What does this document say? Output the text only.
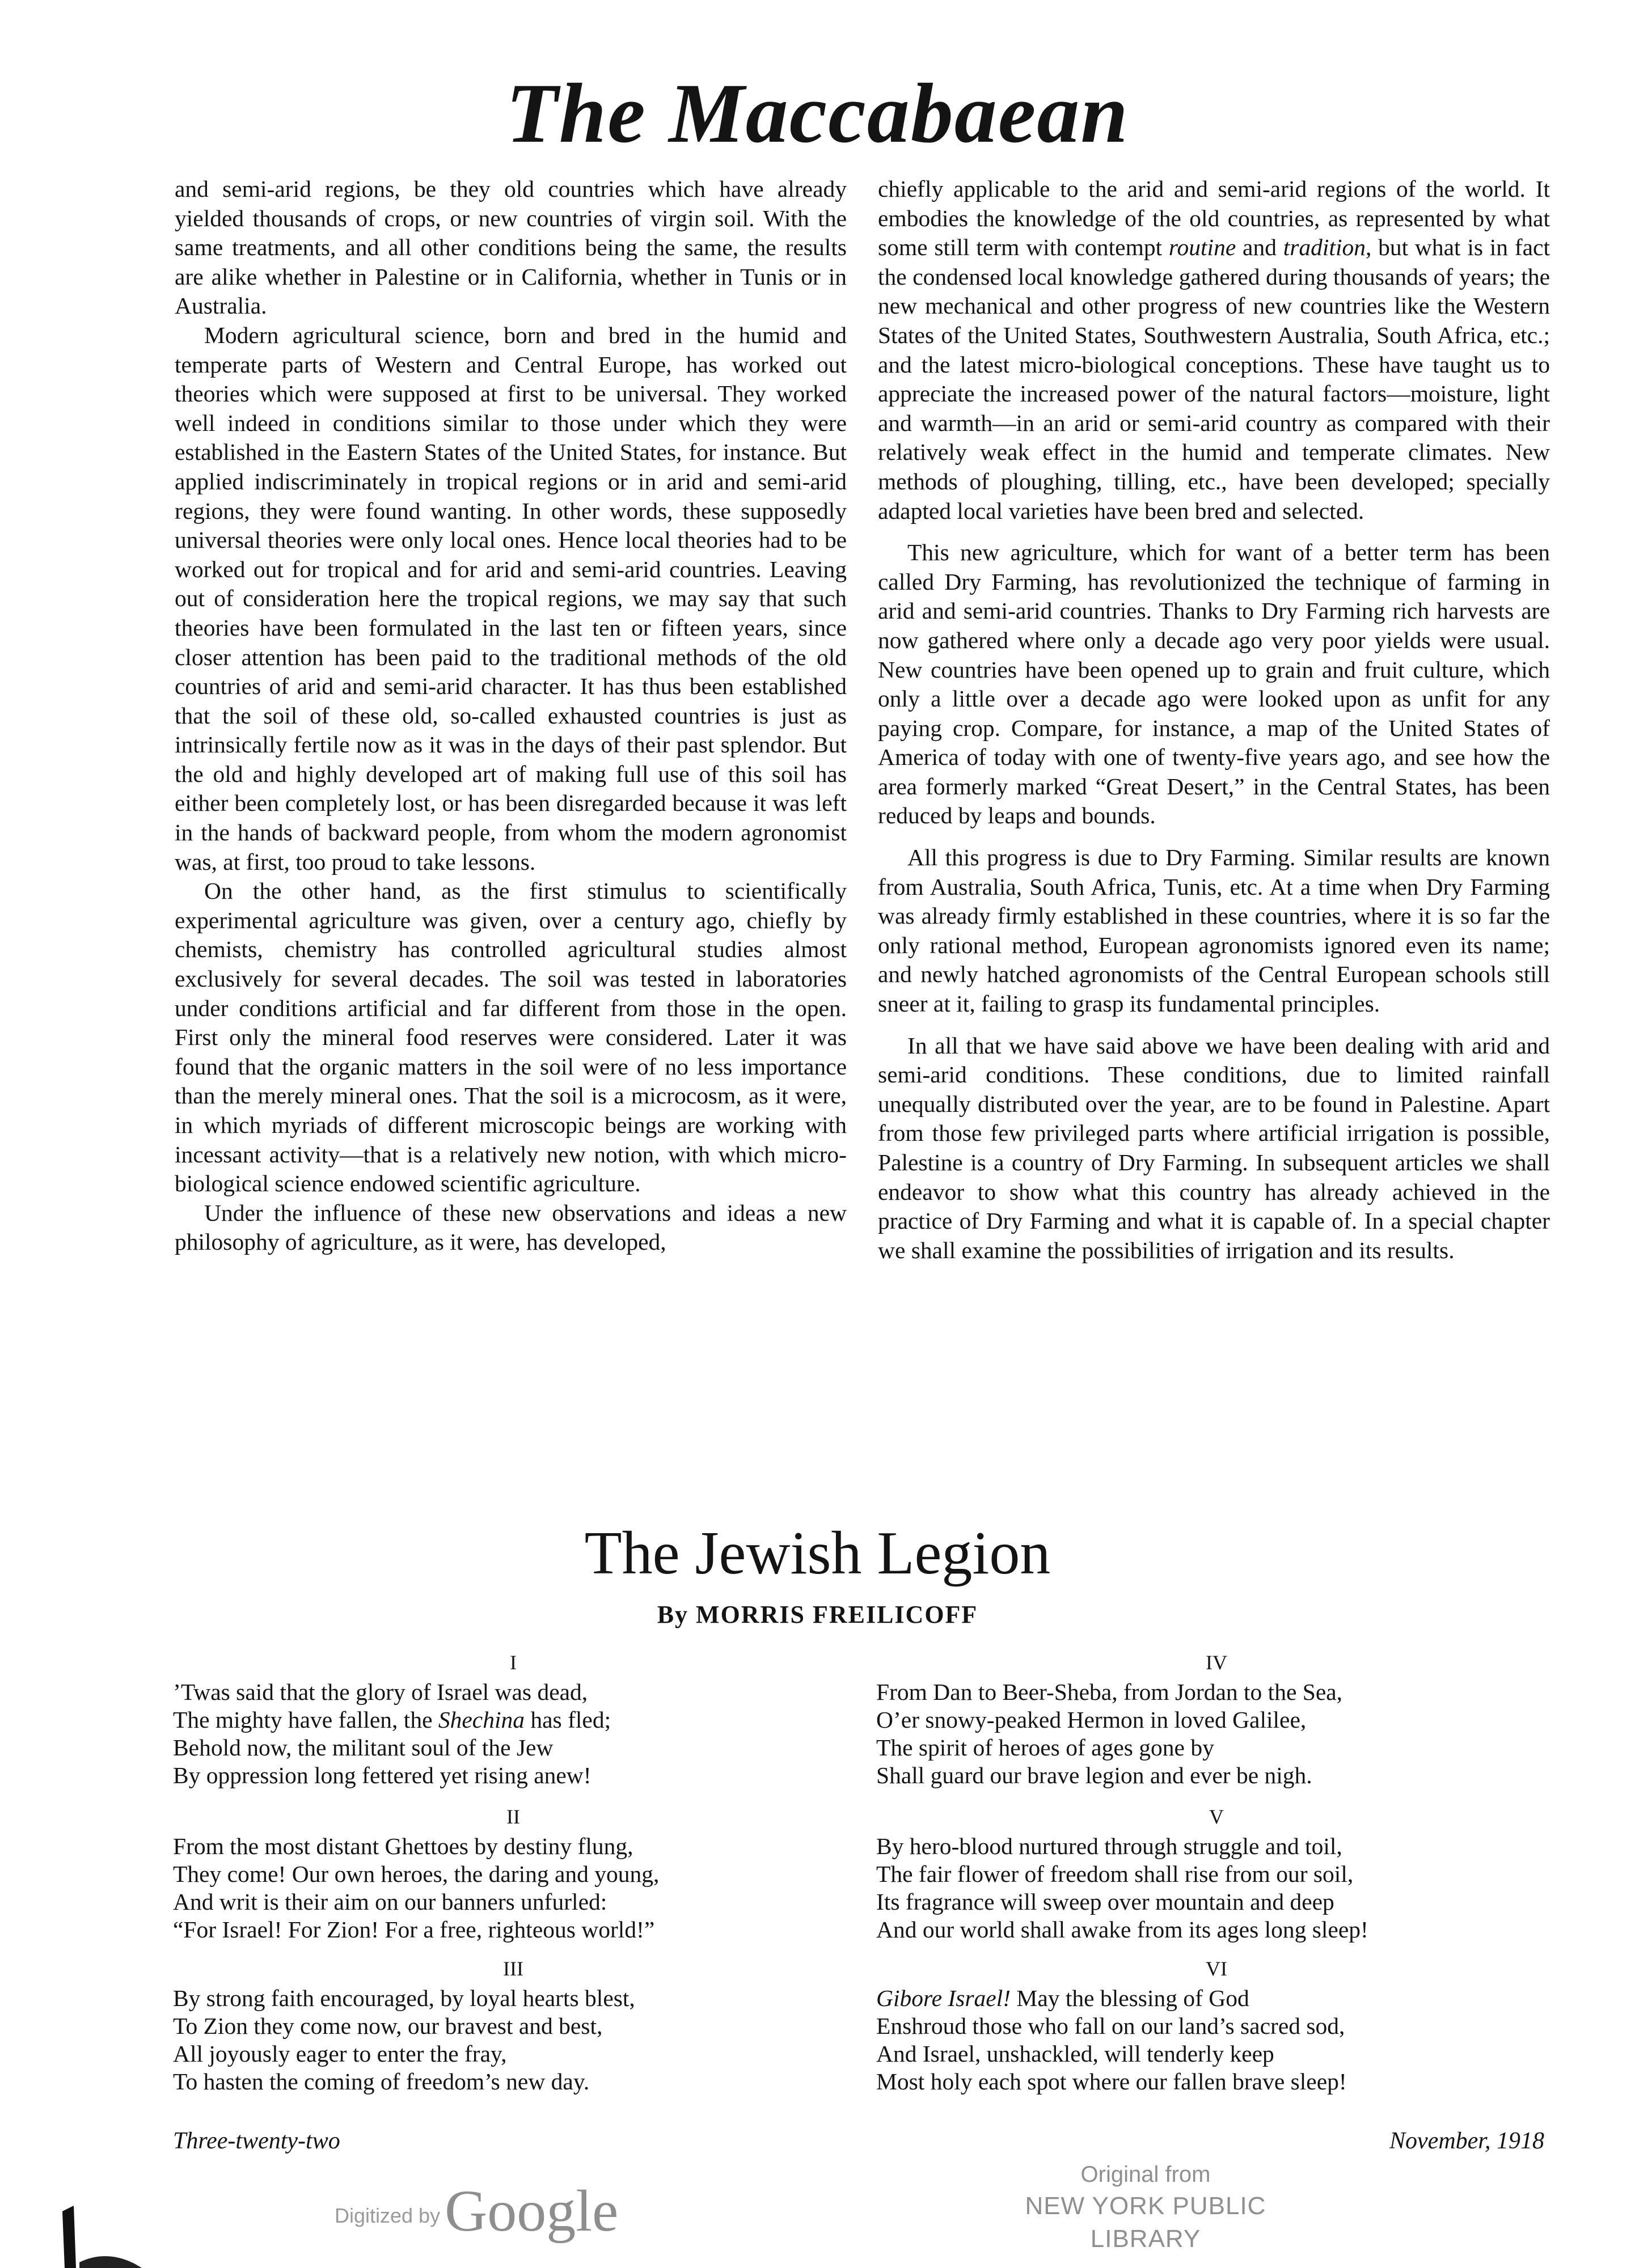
The Maccabaean

and semi-arid regions, be they old countries which have already yielded thousands of crops, or new countries of virgin soil. With the same treatments, and all other conditions being the same, the results are alike whether in Palestine or in California, whether in Tunis or in Australia.

Modern agricultural science, born and bred in the humid and temperate parts of Western and Central Europe, has worked out theories which were supposed at first to be universal. They worked well indeed in conditions similar to those under which they were established in the Eastern States of the United States, for instance. But applied indiscriminately in tropical regions or in arid and semi-arid regions, they were found wanting. In other words, these supposedly universal theories were only local ones. Hence local theories had to be worked out for tropical and for arid and semi-arid countries. Leaving out of consideration here the tropical regions, we may say that such theories have been formulated in the last ten or fifteen years, since closer attention has been paid to the traditional methods of the old countries of arid and semi-arid character. It has thus been established that the soil of these old, so-called exhausted countries is just as intrinsically fertile now as it was in the days of their past splendor. But the old and highly developed art of making full use of this soil has either been completely lost, or has been disregarded because it was left in the hands of backward people, from whom the modern agronomist was, at first, too proud to take lessons.

On the other hand, as the first stimulus to scientifically experimental agriculture was given, over a century ago, chiefly by chemists, chemistry has controlled agricultural studies almost exclusively for several decades. The soil was tested in laboratories under conditions artificial and far different from those in the open. First only the mineral food reserves were considered. Later it was found that the organic matters in the soil were of no less importance than the merely mineral ones. That the soil is a microcosm, as it were, in which myriads of different microscopic beings are working with incessant activity—that is a relatively new notion, with which micro-biological science endowed scientific agriculture.

Under the influence of these new observations and ideas a new philosophy of agriculture, as it were, has developed,

chiefly applicable to the arid and semi-arid regions of the world. It embodies the knowledge of the old countries, as represented by what some still term with contempt routine and tradition, but what is in fact the condensed local knowledge gathered during thousands of years; the new mechanical and other progress of new countries like the Western States of the United States, Southwestern Australia, South Africa, etc.; and the latest micro-biological conceptions. These have taught us to appreciate the increased power of the natural factors—moisture, light and warmth—in an arid or semi-arid country as compared with their relatively weak effect in the humid and temperate climates. New methods of ploughing, tilling, etc., have been developed; specially adapted local varieties have been bred and selected.

This new agriculture, which for want of a better term has been called Dry Farming, has revolutionized the technique of farming in arid and semi-arid countries. Thanks to Dry Farming rich harvests are now gathered where only a decade ago very poor yields were usual. New countries have been opened up to grain and fruit culture, which only a little over a decade ago were looked upon as unfit for any paying crop. Compare, for instance, a map of the United States of America of today with one of twenty-five years ago, and see how the area formerly marked “Great Desert,” in the Central States, has been reduced by leaps and bounds.

All this progress is due to Dry Farming. Similar results are known from Australia, South Africa, Tunis, etc. At a time when Dry Farming was already firmly established in these countries, where it is so far the only rational method, European agronomists ignored even its name; and newly hatched agronomists of the Central European schools still sneer at it, failing to grasp its fundamental principles.

In all that we have said above we have been dealing with arid and semi-arid conditions. These conditions, due to limited rainfall unequally distributed over the year, are to be found in Palestine. Apart from those few privileged parts where artificial irrigation is possible, Palestine is a country of Dry Farming. In subsequent articles we shall endeavor to show what this country has already achieved in the practice of Dry Farming and what it is capable of. In a special chapter we shall examine the possibilities of irrigation and its results.

The Jewish Legion
By MORRIS FREILICOFF
I
’Twas said that the glory of Israel was dead,
The mighty have fallen, the Shechina has fled;
Behold now, the militant soul of the Jew
By oppression long fettered yet rising anew!
II
From the most distant Ghettoes by destiny flung,
They come! Our own heroes, the daring and young,
And writ is their aim on our banners unfurled:
“For Israel! For Zion! For a free, righteous world!”
III
By strong faith encouraged, by loyal hearts blest,
To Zion they come now, our bravest and best,
All joyously eager to enter the fray,
To hasten the coming of freedom’s new day.
IV
From Dan to Beer-Sheba, from Jordan to the Sea,
O’er snowy-peaked Hermon in loved Galilee,
The spirit of heroes of ages gone by
Shall guard our brave legion and ever be nigh.
V
By hero-blood nurtured through struggle and toil,
The fair flower of freedom shall rise from our soil,
Its fragrance will sweep over mountain and deep
And our world shall awake from its ages long sleep!
VI
Gibore Israel! May the blessing of God
Enshroud those who fall on our land’s sacred sod,
And Israel, unshackled, will tenderly keep
Most holy each spot where our fallen brave sleep!
Three-twenty-two	November, 1918
Digitized byGoogle
Original from
NEW YORK PUBLIC LIBRARY
